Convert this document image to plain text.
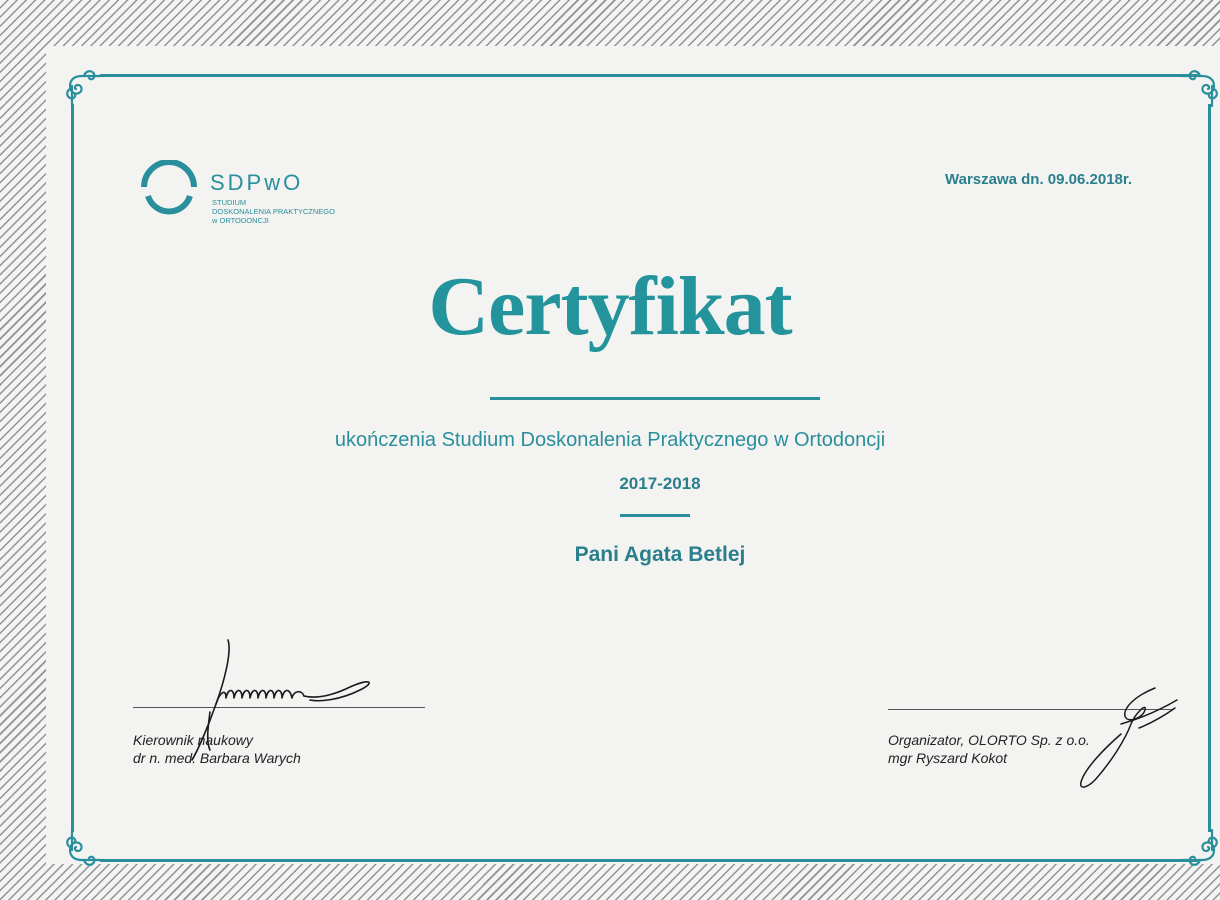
SDPwO
STUDIUM
DOSKONALENIA PRAKTYCZNEGO
w ORTODONCJI
Warszawa dn. 09.06.2018r.
Certyfikat
ukończenia Studium Doskonalenia Praktycznego w Ortodoncji
2017-2018
Pani Agata Betlej
Kierownik naukowy
dr n. med. Barbara Warych
Organizator, OLORTO Sp. z o.o.
mgr Ryszard Kokot
